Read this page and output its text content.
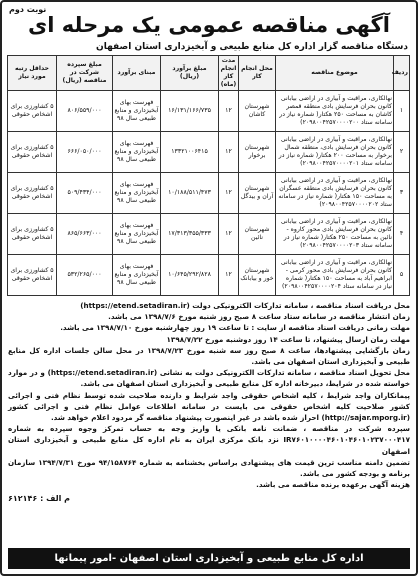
نوبت دوم
آگهی مناقصه عمومی یک مرحله ای
دستگاه مناقصه گزار اداره کل منابع طبیعی و آبخیزداری استان اصفهان
ردیف	موضوع مناقصه	محل انجام کار	مدت انجام کار (ماه)	مبلغ برآورد (ریال)	مبنای برآورد	مبلغ سپرده شرکت در مناقصه (ریال)	حداقل رتبه مورد نیاز
۱	نهالکاری، مراقبت و آبیاری در اراضی بیابانی کانون بحران فرسایش بادی منطقه قمصر کاشان به مساحت ۲۵۰ هکتار( شماره نیاز در سامانه ستاد ۲۰۹۸۰۰۴۲۵۷۰۰۰۰۲۰۰)	شهرستان کاشان	۱۲	۱۶/۱۳۱/۱۶۶/۷۳۵	فهرست بهای آبخیزداری و منابع طبیعی سال ۹۸	۸۰۶/۵۵۹/۰۰۰	۵ کشاورزی برای اشخاص حقوقی
۲	نهالکاری، مراقبت و آبیاری در اراضی بیابانی کانون بحران فرسایش بادی، منطقه شمال برخوار به مساحت ۲۰۰ هکتار( شماره نیاز در سامانه ستاد ۲۰۹۸۰۰۴۲۵۷۰۰۰۰۲۰۱)	شهرستان برخوار	۱۲	۱۳۳۲۱۰۰۶۴۱۵	فهرست بهای آبخیزداری و منابع طبیعی سال ۹۸	۶۶۶/۰۵۰/۰۰۰	۵ کشاورزی برای اشخاص حقوقی
۳	نهالکاری، مراقبت و آبیاری در اراضی بیابانی کانون بحران فرسایش بادی منطقه عسگران به مساحت ۱۵۰ هکتار( شماره نیاز در سامانه ستاد ۲۰۹۸۰۰۴۲۵۷۰۰۰۰۲۰۲)	شهرستان آران و بیدگل	۱۲	۱۰/۱۸۸/۵۱۱/۴۷۳	فهرست بهای آبخیزداری و منابع طبیعی سال ۹۸	۵۰۹/۴۳۴/۰۰۰	۵ کشاورزی برای اشخاص حقوقی
۴	نهالکاری، مراقبت و آبیاری در اراضی بیابانی کانون بحران فرسایش بادی محور کاروه - نائین به مساحت ۲۵۰ هکتار( شماره نیاز در سامانه ستاد ۲۰۹۸۰۰۴۲۵۷۰۰۰۰۲۰۳)	شهرستان نائین	۱۲	۱۷/۳۱۳/۳۵۵/۳۳۳	فهرست بهای آبخیزداری و منابع طبیعی سال ۹۸	۸۶۵/۶۶۳/۰۰۰	۵ کشاورزی برای اشخاص حقوقی
۵	نهالکاری، مراقبت و آبیاری در اراضی بیابانی کانون بحران فرسایش بادی محور کرمی - ابراهیم آباد به مساحت ۱۵۰ هکتار( شماره نیاز در سامانه ستاد ۲۰۹۸۰۰۴۲۵۷۰۰۰۰۲۰۴)	شهرستان خور و بیابانک	۱۲	۱۰/۶۴۵/۲۹۲/۸۲۸	فهرست بهای آبخیزداری و منابع طبیعی سال ۹۸	۵۳۲/۲۶۵/۰۰۰	۵ کشاورزی برای اشخاص حقوقی

محل دریافت اسناد مناقصه ، سامانه تدارکات الکترونیکی دولت (https://etend.setadiran.ir)

زمان انتشار مناقصه در سامانه ستاد ساعت ۸ صبح روز شنبه مورخ ۱۳۹۸/۷/۶ می باشد.

مهلت زمانی دریافت اسناد مناقصه از سایت : تا ساعت ۱۹ روز چهارشنبه مورخ ۱۳۹۸/۷/۱۰ می باشد.

مهلت زمان ارسال پیشنهاد، تا ساعت ۱۴ روز دوشنبه مورخ ۱۳۹۸/۷/۲۲

زمان بازگشایی پیشنهادها، ساعت ۸ صبح روز سه شنبه مورخ ۱۳۹۸/۷/۲۳ در محل سالن جلسات اداره کل منابع طبیعی و آبخیزداری استان اصفهان می باشد.

محل تحویل اسناد مناقصه ، سامانه تدارکات الکترونیکی دولت به نشانی (https://etend.setadiran.ir) و در موارد خواسته شده در شرایط، دبیرخانه اداره کل منابع طبیعی و آبخیزداری استان اصفهان می باشد.

پیمانکاران واجد شرایط ، کلیه اشخاص حقوقی واجد شرایط و دارنده صلاحیت شده توسط نظام فنی و اجرائی کشور صلاحیت کلیه اشخاص حقوقی می بایست در سامانه اطلاعات عوامل نظام فنی و اجرائی کشور (http://sajar.mporg.ir) احراز شده باشد در غیر اینصورت پیشنهاد مناقصه گر مردود اعلام خواهد شد.

سپرده شرکت در مناقصه ، ضمانت نامه بانکی یا واریز وجه به حساب تمرکز وجوه سپرده به شماره IR۷۶۰۱۰۰۰۰۴۶۰۱۰۴۶۰۱۰۲۳۷۰۰۰۴۱۷ نزد بانک مرکزی ایران به نام اداره کل منابع طبیعی و آبخیزداری استان اصفهان

تضمین دامنه مناسب ترین قیمت های پیشنهادی براساس بخشنامه به شماره ۹۴/۱۵۸۷۶۴ مورخ ۱۳۹۴/۷/۳۱ سازمان برنامه و بودجه کشور می باشد.

هزینه آگهی برعهده برنده مناقصه می باشد.

م الف : ۶۱۲۱۴۶
اداره کل منابع طبیعی و آبخیزداری استان اصفهان -امور پیمانها
